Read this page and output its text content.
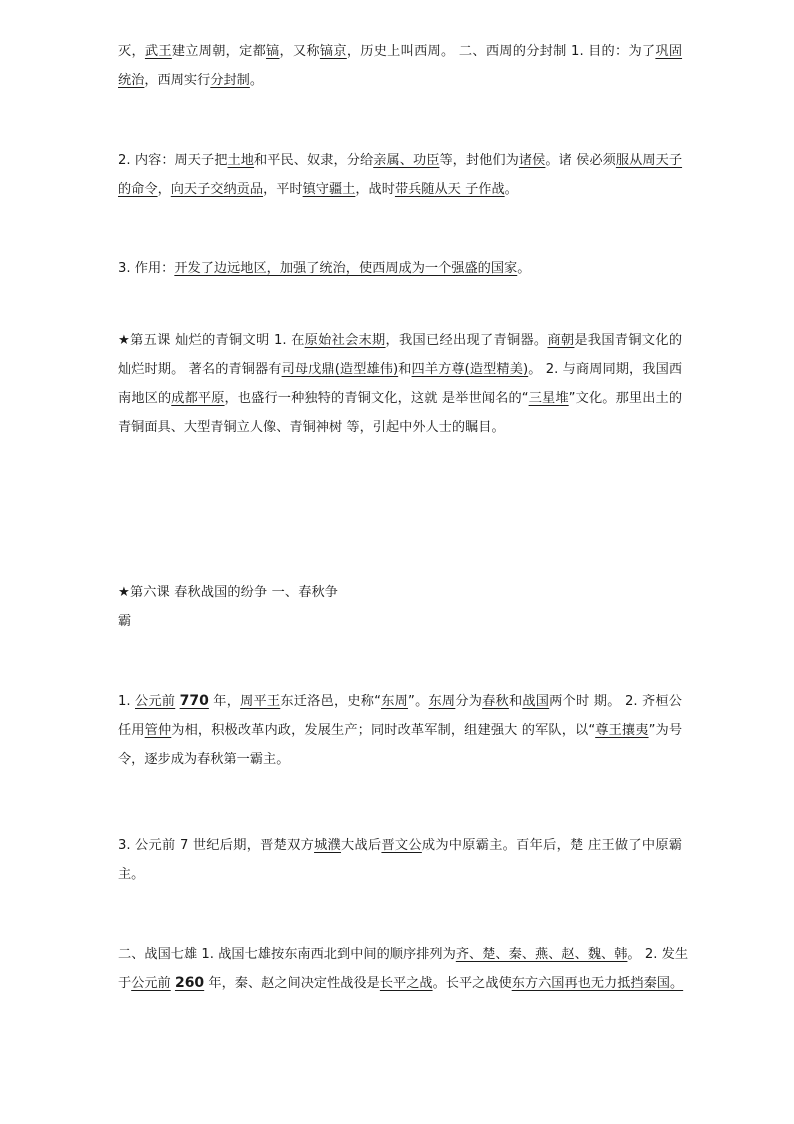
灭，武王建立周朝，定都镐，又称镐京，历史上叫西周。 二、西周的分封制 1. 目的：为了巩固统治，西周实行分封制。

2. 内容：周天子把土地和平民、奴隶，分给亲属、功臣等，封他们为诸侯。诸 侯必须服从周天子的命令，向天子交纳贡品，平时镇守疆土，战时带兵随从天 子作战。

3. 作用：开发了边远地区，加强了统治，使西周成为一个强盛的国家。

★第五课 灿烂的青铜文明 1. 在原始社会末期，我国已经出现了青铜器。商朝是我国青铜文化的灿烂时期。 著名的青铜器有司母戊鼎(造型雄伟)和四羊方尊(造型精美)。 2. 与商周同期，我国西南地区的成都平原，也盛行一种独特的青铜文化，这就 是举世闻名的“三星堆”文化。那里出土的青铜面具、大型青铜立人像、青铜神树 等，引起中外人士的瞩目。

★第六课 春秋战国的纷争 一、春秋争霸

1. 公元前 770 年，周平王东迁洛邑，史称“东周”。东周分为春秋和战国两个时 期。 2. 齐桓公任用管仲为相，积极改革内政，发展生产；同时改革军制，组建强大 的军队，以“尊王攘夷”为号令，逐步成为春秋第一霸主。

3. 公元前 7 世纪后期，晋楚双方城濮大战后晋文公成为中原霸主。百年后，楚 庄王做了中原霸主。

二、战国七雄 1. 战国七雄按东南西北到中间的顺序排列为齐、楚、秦、燕、赵、魏、韩。 2. 发生于公元前 260 年，秦、赵之间决定性战役是长平之战。长平之战使东方六国再也无力抵挡秦国。
